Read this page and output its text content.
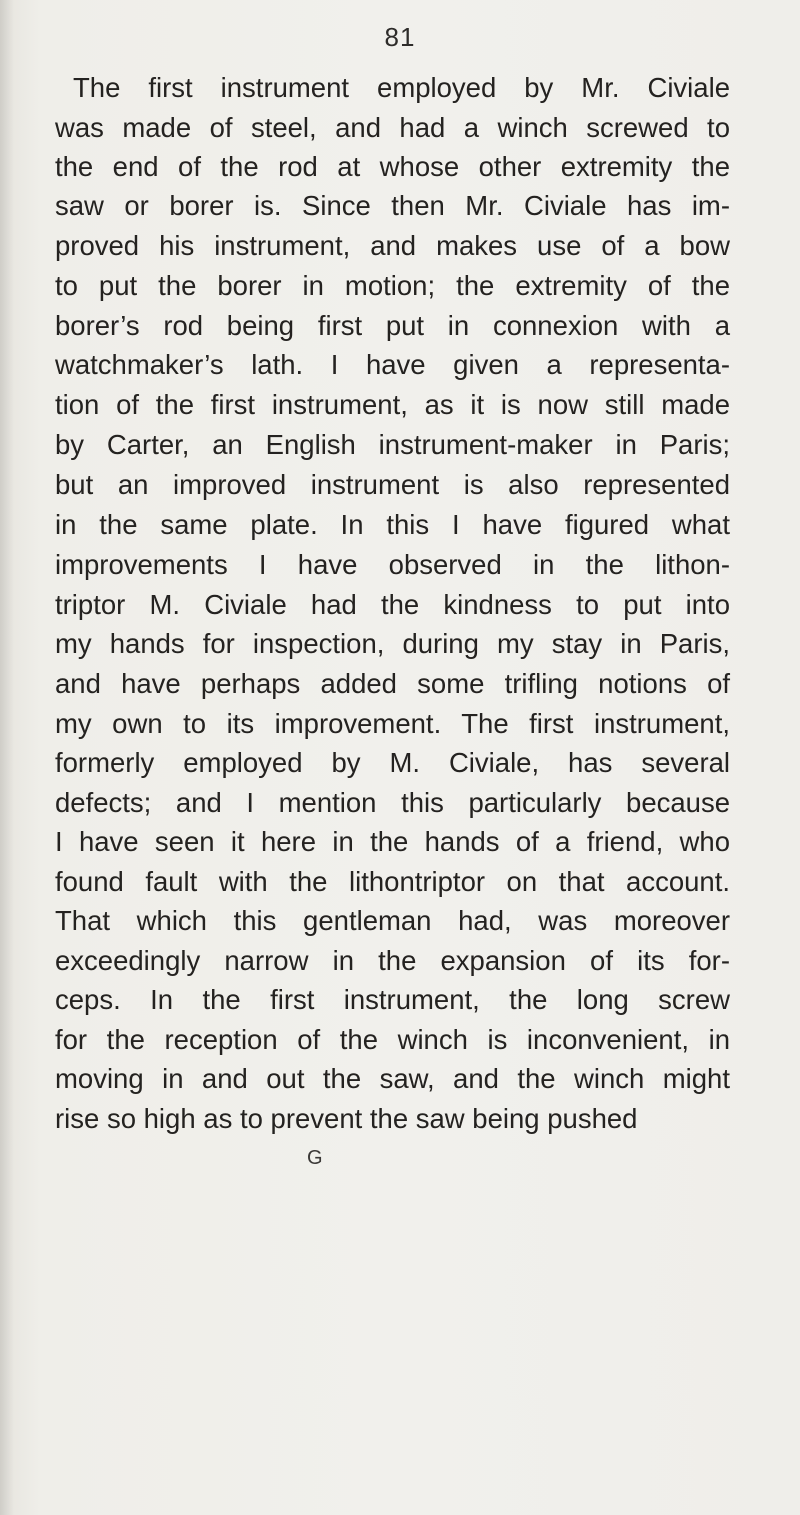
81
The first instrument employed by Mr. Civiale
was made of steel, and had a winch screwed to
the end of the rod at whose other extremity the
saw or borer is. Since then Mr. Civiale has im-
proved his instrument, and makes use of a bow
to put the borer in motion; the extremity of the
borer’s rod being first put in connexion with a
watchmaker’s lath. I have given a representa-
tion of the first instrument, as it is now still made
by Carter, an English instrument-maker in Paris;
but an improved instrument is also represented
in the same plate. In this I have figured what
improvements I have observed in the lithon-
triptor M. Civiale had the kindness to put into
my hands for inspection, during my stay in Paris,
and have perhaps added some trifling notions of
my own to its improvement. The first instrument,
formerly employed by M. Civiale, has several
defects; and I mention this particularly because
I have seen it here in the hands of a friend, who
found fault with the lithontriptor on that account.
That which this gentleman had, was moreover
exceedingly narrow in the expansion of its for-
ceps. In the first instrument, the long screw
for the reception of the winch is inconvenient, in
moving in and out the saw, and the winch might
rise so high as to prevent the saw being pushed
G
